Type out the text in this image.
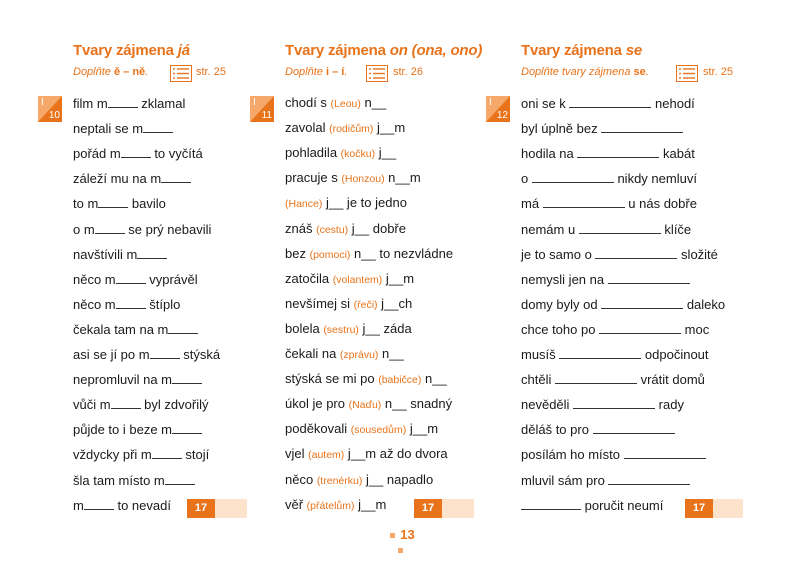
Tvary zájmena já
Doplňte ě – ně.	str. 25
I
10
film m zklamal
neptali se m
pořád m to vyčítá
záleží mu na m
to m bavilo
o m se prý nebavili
navštívili m
něco m vyprávěl
něco m štíplo
čekala tam na m
asi se jí po m stýská
nepromluvil na m
vůči m byl zdvořilý
půjde to i beze m
vždycky při m stojí
šla tam místo m
m to nevadí	17
Tvary zájmena on (ona, ono)
Doplňte i – í.	str. 26
I
11
chodí s (Leou) n__
zavolal (rodičům) j__m
pohladila (kočku) j__
pracuje s (Honzou) n__m
(Hance) j__ je to jedno
znáš (cestu) j__ dobře
bez (pomoci) n__ to nezvládne
zatočila (volantem) j__m
nevšímej si (řeči) j__ch
bolela (sestru) j__ záda
čekali na (zprávu) n__
stýská se mi po (babičce) n__
úkol je pro (Naďu) n__ snadný
poděkovali (sousedům) j__m
vjel (autem) j__m až do dvora
něco (trenérku) j__ napadlo
věř (přátelům) j__m	17
Tvary zájmena se
Doplňte tvary zájmena se.	str. 25
I
12
oni se k	nehodí
byl úplně bez
hodila na	kabát
o	nikdy nemluví
má	u nás dobře
nemám u	klíče
je to samo o	složité
nemysli jen na
domy byly od	daleko
chce toho po	moc
musíš	odpočinout
chtěli	vrátit domů
nevěděli	rady
děláš to pro
posílám ho místo
mluvil sám pro
poručit neumí	17
13
